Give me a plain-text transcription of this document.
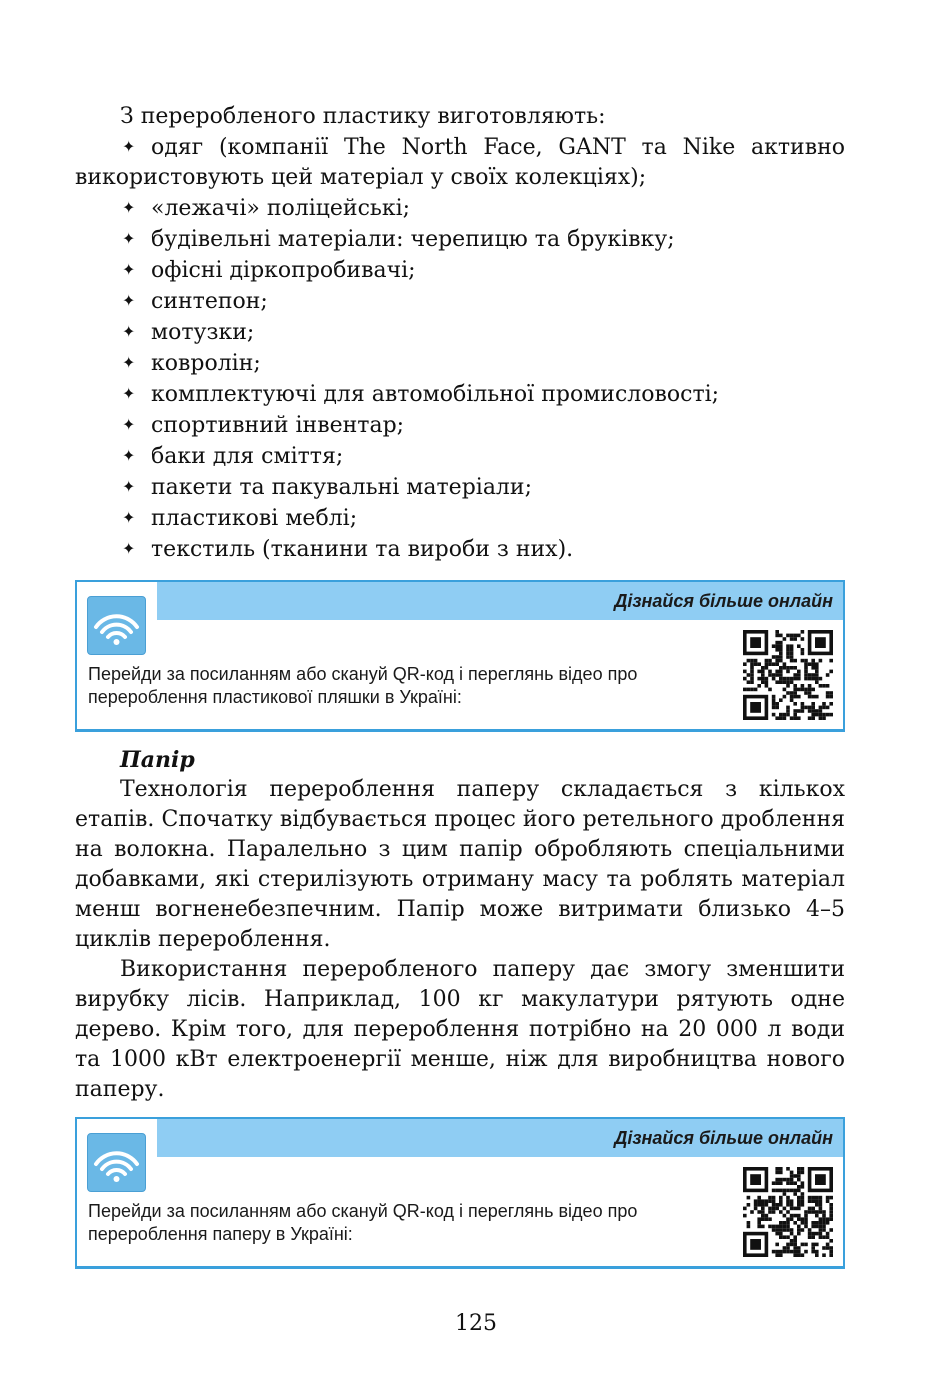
З переробленого пластику виготовляють:

✦ одяг (компанії The North Face, GANT та Nike активно використовують цей матеріал у своїх колекціях);
✦ «лежачі» поліцейські;
✦ будівельні матеріали: черепицю та бруківку;
✦ офісні діркопробивачі;
✦ синтепон;
✦ мотузки;
✦ ковролін;
✦ комплектуючі для автомобільної промисловості;
✦ спортивний інвентар;
✦ баки для сміття;
✦ пакети та пакувальні матеріали;
✦ пластикові меблі;
✦ текстиль (тканини та вироби з них).
Дізнайся більше онлайн
Перейди за посиланням або скануй QR-код і переглянь відео про перероблення пластикової пляшки в Україні:

Папір

Технологія перероблення паперу складається з кількох етапів. Спочатку відбувається процес його ретельного дроблення на волокна. Паралельно з цим папір обробляють спеціальними добавками, які стерилізують отриману масу та роблять матеріал менш вогненебезпечним. Папір може витримати близько 4–5 циклів перероблення.

Використання переробленого паперу дає змогу зменшити вирубку лісів. Наприклад, 100 кг макулатури рятують одне дерево. Крім того, для перероблення потрібно на 20 000 л води та 1000 кВт електроенергії менше, ніж для виробництва нового паперу.

Дізнайся більше онлайн
Перейди за посиланням або скануй QR-код і переглянь відео про перероблення паперу в Україні:
125
